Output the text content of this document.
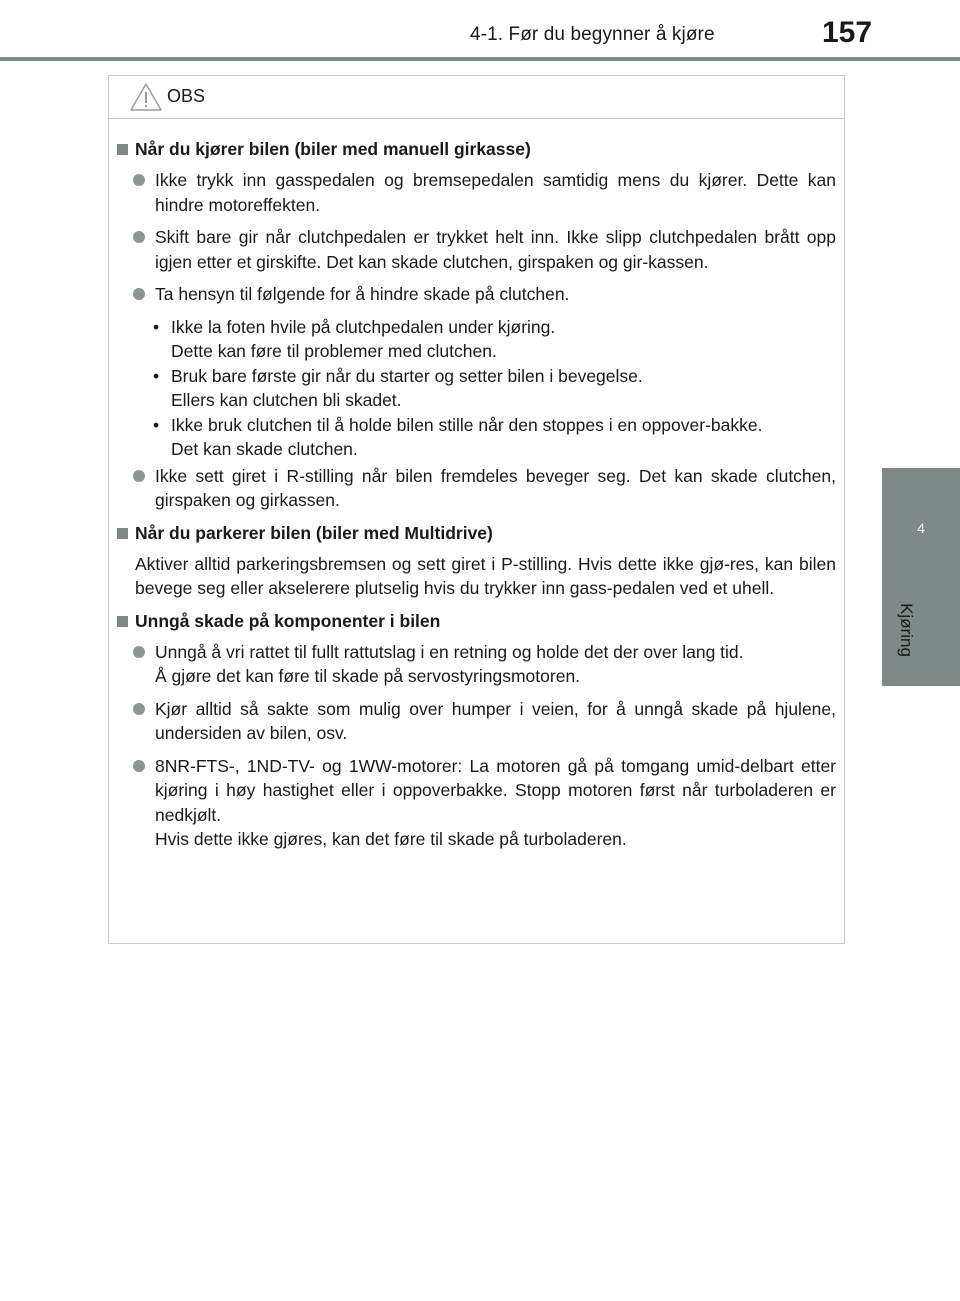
4-1. Før du begynner å kjøre	157
4
Kjøring
OBS
Når du kjører bilen (biler med manuell girkasse)
Ikke trykk inn gasspedalen og bremsepedalen samtidig mens du kjører. Dette kan hindre motoreffekten.
Skift bare gir når clutchpedalen er trykket helt inn. Ikke slipp clutchpedalen brått opp igjen etter et girskifte. Det kan skade clutchen, girspaken og gir-kassen.
Ta hensyn til følgende for å hindre skade på clutchen.
• Ikke la foten hvile på clutchpedalen under kjøring.
Dette kan føre til problemer med clutchen.
• Bruk bare første gir når du starter og setter bilen i bevegelse.
Ellers kan clutchen bli skadet.
• Ikke bruk clutchen til å holde bilen stille når den stoppes i en oppover-bakke.
Det kan skade clutchen.
Ikke sett giret i R-stilling når bilen fremdeles beveger seg. Det kan skade clutchen, girspaken og girkassen.
Når du parkerer bilen (biler med Multidrive)
Aktiver alltid parkeringsbremsen og sett giret i P-stilling. Hvis dette ikke gjø-res, kan bilen bevege seg eller akselerere plutselig hvis du trykker inn gass-pedalen ved et uhell.
Unngå skade på komponenter i bilen
Unngå å vri rattet til fullt rattutslag i en retning og holde det der over lang tid.
Å gjøre det kan føre til skade på servostyringsmotoren.
Kjør alltid så sakte som mulig over humper i veien, for å unngå skade på hjulene, undersiden av bilen, osv.
8NR-FTS-, 1ND-TV- og 1WW-motorer: La motoren gå på tomgang umid-delbart etter kjøring i høy hastighet eller i oppoverbakke. Stopp motoren først når turboladeren er nedkjølt.
Hvis dette ikke gjøres, kan det føre til skade på turboladeren.
